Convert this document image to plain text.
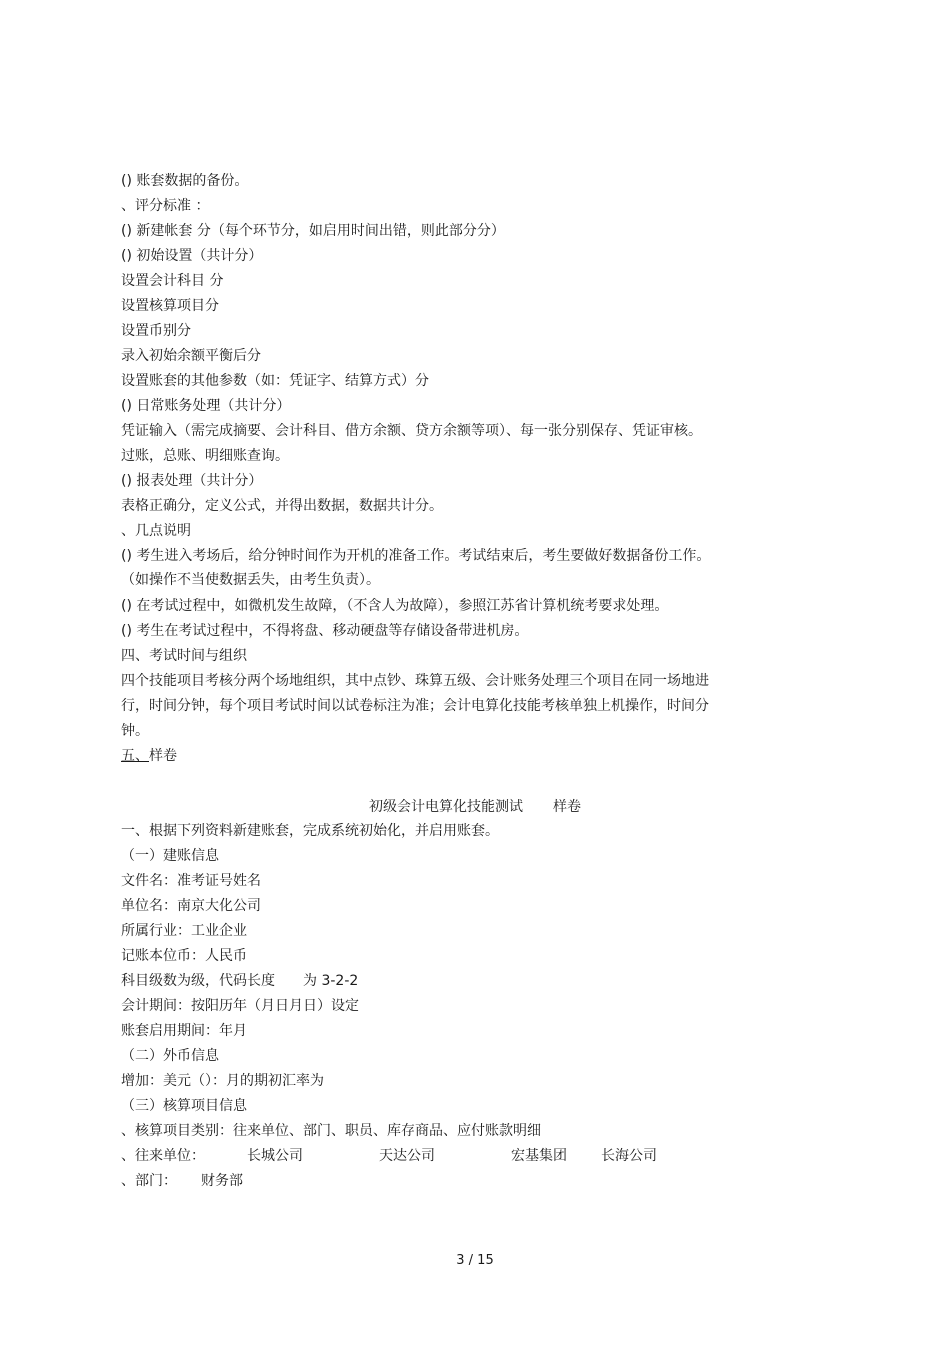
() 账套数据的备份。
、评分标准 ：
() 新建帐套 分（每个环节分，如启用时间出错，则此部分分）
() 初始设置（共计分）
设置会计科目 分
设置核算项目分
设置币别分
录入初始余额平衡后分
设置账套的其他参数（如：凭证字、结算方式）分
() 日常账务处理（共计分）
凭证输入（需完成摘要、会计科目、借方余额、贷方余额等项）、每一张分别保存、凭证审核。
过账，总账、明细账查询。
() 报表处理（共计分）
表格正确分，定义公式，并得出数据，数据共计分。
、几点说明
() 考生进入考场后，给分钟时间作为开机的准备工作。考试结束后，考生要做好数据备份工作。
（如操作不当使数据丢失，由考生负责）。
() 在考试过程中，如微机发生故障，（不含人为故障），参照江苏省计算机统考要求处理。
() 考生在考试过程中，不得将盘、移动硬盘等存储设备带进机房。
四、考试时间与组织
四个技能项目考核分两个场地组织，其中点钞、珠算五级、会计账务处理三个项目在同一场地进
行，时间分钟，每个项目考试时间以试卷标注为准；会计电算化技能考核单独上机操作，时间分
钟。
五、样卷
初级会计电算化技能测试 样卷
一、根据下列资料新建账套，完成系统初始化，并启用账套。
（一）建账信息
文件名：准考证号姓名
单位名：南京大化公司
所属行业：工业企业
记账本位币：人民币
科目级数为级，代码长度 为 3-2-2
会计期间：按阳历年（月日月日）设定
账套启用期间：年月
（二）外币信息
增加：美元（）：月的期初汇率为
（三）核算项目信息
、核算项目类别：往来单位、部门、职员、库存商品、应付账款明细
、往来单位：	长城公司	天达公司	宏基集团 长海公司
、部门： 财务部
3 / 15
